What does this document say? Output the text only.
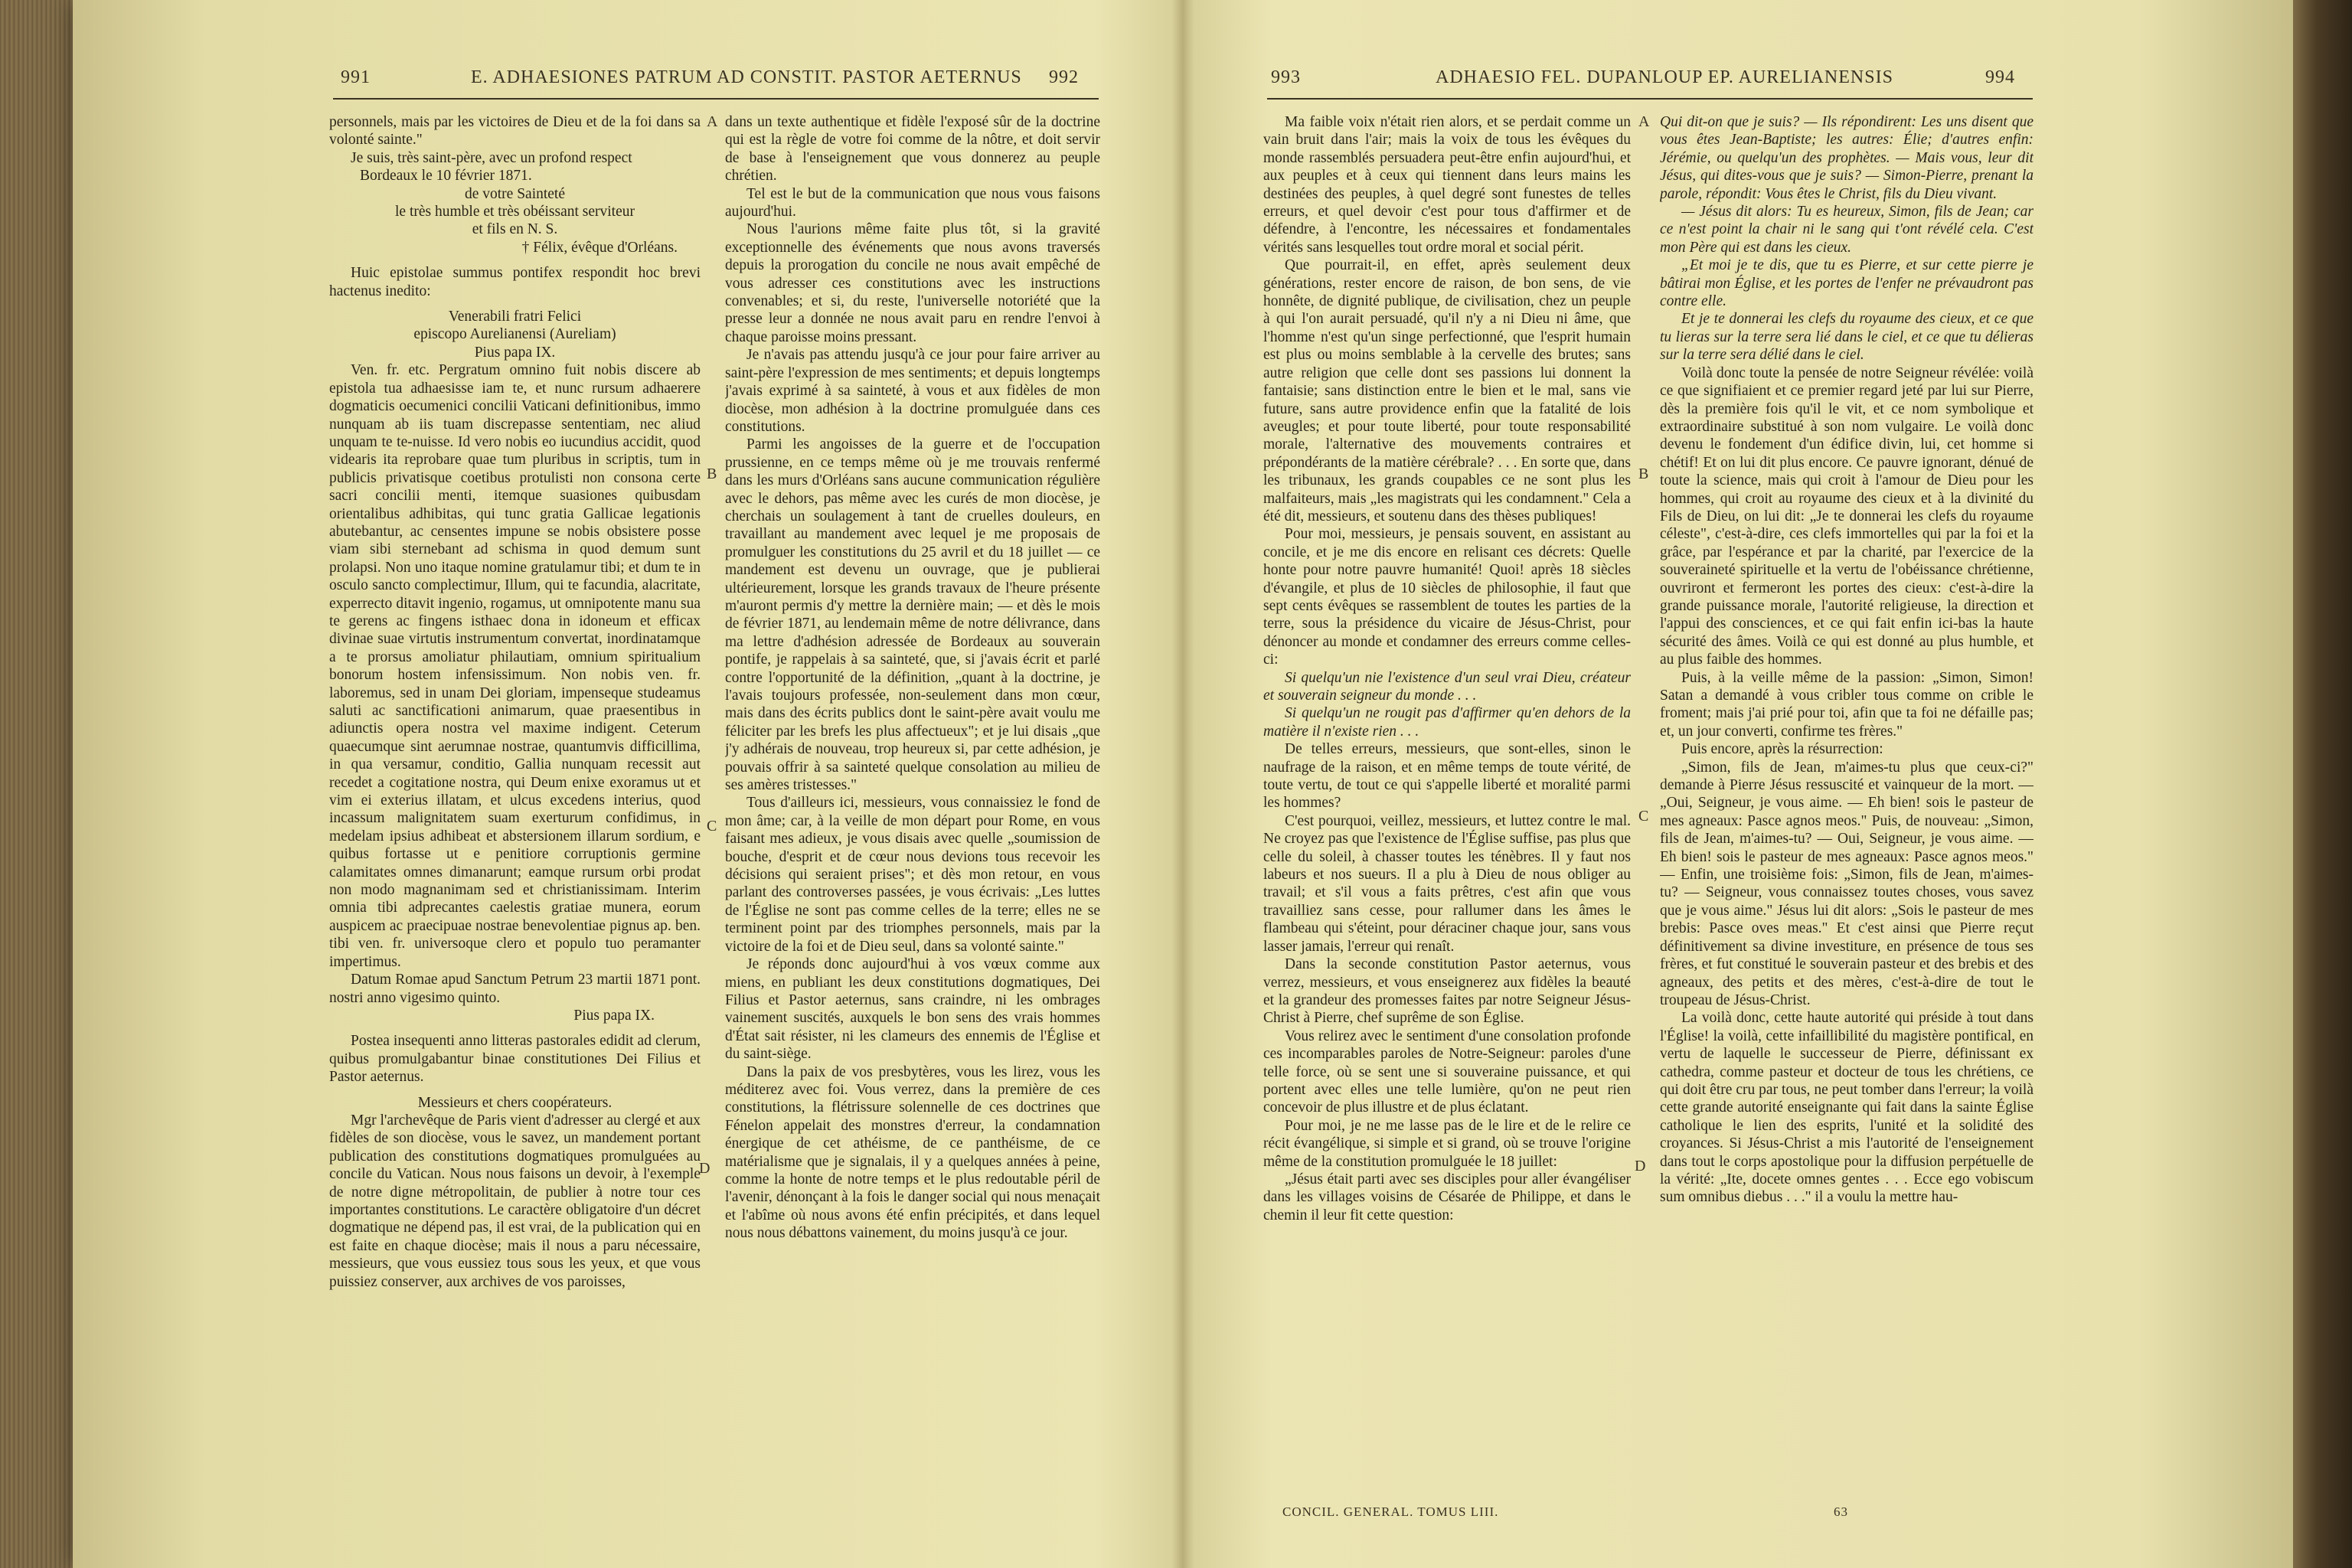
991	E. ADHAESIONES PATRUM AD CONSTIT. PASTOR AETERNUS 992

personnels, mais par les victoires de Dieu et de la foi dans sa volonté sainte."

Je suis, très saint-père, avec un profond respect

Bordeaux le 10 février 1871.

de votre Sainteté

le très humble et très obéissant serviteur

et fils en N. S.

† Félix, évêque d'Orléans.

Huic epistolae summus pontifex respondit hoc brevi hactenus inedito:

Venerabili fratri Felici

episcopo Aurelianensi (Aureliam)

Pius papa IX.

Ven. fr. etc. Pergratum omnino fuit nobis discere ab epistola tua adhaesisse iam te, et nunc rursum adhaerere dogmaticis oecumenici concilii Vaticani definitionibus, immo nunquam ab iis tuam discrepasse sententiam, nec aliud unquam te te-nuisse. Id vero nobis eo iucundius accidit, quod videaris ita reprobare quae tum pluribus in scriptis, tum in publicis privatisque coetibus protulisti non consona certe sacri concilii menti, itemque suasiones quibusdam orientalibus adhibitas, qui tunc gratia Gallicae legationis abutebantur, ac censentes impune se nobis obsistere posse viam sibi sternebant ad schisma in quod demum sunt prolapsi. Non uno itaque nomine gratulamur tibi; et dum te in osculo sancto complectimur, Illum, qui te facundia, alacritate, experrecto ditavit ingenio, rogamus, ut omnipotente manu sua te gerens ac fingens isthaec dona in idoneum et efficax divinae suae virtutis instrumentum convertat, inordinatamque a te prorsus amoliatur philautiam, omnium spiritualium bonorum hostem infensissimum. Non nobis ven. fr. laboremus, sed in unam Dei gloriam, impenseque studeamus saluti ac sanctificationi animarum, quae praesentibus in adiunctis opera nostra vel maxime indigent. Ceterum quaecumque sint aerumnae nostrae, quantumvis difficillima, in qua versamur, conditio, Gallia nunquam recessit aut recedet a cogitatione nostra, qui Deum enixe exoramus ut et vim ei exterius illatam, et ulcus excedens interius, quod incassum malignitatem suam exerturum confidimus, in medelam ipsius adhibeat et abstersionem illarum sordium, e quibus fortasse ut e penitiore corruptionis germine calamitates omnes dimanarunt; eamque rursum orbi prodat non modo magnanimam sed et christianissimam. Interim omnia tibi adprecantes caelestis gratiae munera, eorum auspicem ac praecipuae nostrae benevolentiae pignus ap. ben. tibi ven. fr. universoque clero et populo tuo peramanter impertimus.

Datum Romae apud Sanctum Petrum 23 martii 1871 pont. nostri anno vigesimo quinto.

Pius papa IX.

Postea insequenti anno litteras pastorales edidit ad clerum, quibus promulgabantur binae constitutiones Dei Filius et Pastor aeternus.

Messieurs et chers coopérateurs.

Mgr l'archevêque de Paris vient d'adresser au clergé et aux fidèles de son diocèse, vous le savez, un mandement portant publication des constitutions dogmatiques promulguées au concile du Vatican. Nous nous faisons un devoir, à l'exemple de notre digne métropolitain, de publier à notre tour ces importantes constitutions. Le caractère obligatoire d'un décret dogmatique ne dépend pas, il est vrai, de la publication qui en est faite en chaque diocèse; mais il nous a paru nécessaire, messieurs, que vous eussiez tous sous les yeux, et que vous puissiez conserver, aux archives de vos paroisses,

dans un texte authentique et fidèle l'exposé sûr de la doctrine qui est la règle de votre foi comme de la nôtre, et doit servir de base à l'enseignement que vous donnerez au peuple chrétien.

Tel est le but de la communication que nous vous faisons aujourd'hui.

Nous l'aurions même faite plus tôt, si la gravité exceptionnelle des événements que nous avons traversés depuis la prorogation du concile ne nous avait empêché de vous adresser ces constitutions avec les instructions convenables; et si, du reste, l'universelle notoriété que la presse leur a donnée ne nous avait paru en rendre l'envoi à chaque paroisse moins pressant.

Je n'avais pas attendu jusqu'à ce jour pour faire arriver au saint-père l'expression de mes sentiments; et depuis longtemps j'avais exprimé à sa sainteté, à vous et aux fidèles de mon diocèse, mon adhésion à la doctrine promulguée dans ces constitutions.

Parmi les angoisses de la guerre et de l'occupation prussienne, en ce temps même où je me trouvais renfermé dans les murs d'Orléans sans aucune communication régulière avec le dehors, pas même avec les curés de mon diocèse, je cherchais un soulagement à tant de cruelles douleurs, en travaillant au mandement avec lequel je me proposais de promulguer les constitutions du 25 avril et du 18 juillet — ce mandement est devenu un ouvrage, que je publierai ultérieurement, lorsque les grands travaux de l'heure présente m'auront permis d'y mettre la dernière main; — et dès le mois de février 1871, au lendemain même de notre délivrance, dans ma lettre d'adhésion adressée de Bordeaux au souverain pontife, je rappelais à sa sainteté, que, si j'avais écrit et parlé contre l'opportunité de la définition, „quant à la doctrine, je l'avais toujours professée, non-seulement dans mon cœur, mais dans des écrits publics dont le saint-père avait voulu me féliciter par les brefs les plus affectueux"; et je lui disais „que j'y adhérais de nouveau, trop heureux si, par cette adhésion, je pouvais offrir à sa sainteté quelque consolation au milieu de ses amères tristesses."

Tous d'ailleurs ici, messieurs, vous connaissiez le fond de mon âme; car, à la veille de mon départ pour Rome, en vous faisant mes adieux, je vous disais avec quelle „soumission de bouche, d'esprit et de cœur nous devions tous recevoir les décisions qui seraient prises"; et dès mon retour, en vous parlant des controverses passées, je vous écrivais: „Les luttes de l'Église ne sont pas comme celles de la terre; elles ne se terminent point par des triomphes personnels, mais par la victoire de la foi et de Dieu seul, dans sa volonté sainte."

Je réponds donc aujourd'hui à vos vœux comme aux miens, en publiant les deux constitutions dogmatiques, Dei Filius et Pastor aeternus, sans craindre, ni les ombrages vainement suscités, auxquels le bon sens des vrais hommes d'État sait résister, ni les clameurs des ennemis de l'Église et du saint-siège.

Dans la paix de vos presbytères, vous les lirez, vous les méditerez avec foi. Vous verrez, dans la première de ces constitutions, la flétrissure solennelle de ces doctrines que Fénelon appelait des monstres d'erreur, la condamnation énergique de cet athéisme, de ce panthéisme, de ce matérialisme que je signalais, il y a quelques années à peine, comme la honte de notre temps et le plus redoutable péril de l'avenir, dénonçant à la fois le danger social qui nous menaçait et l'abîme où nous avons été enfin précipités, et dans lequel nous nous débattons vainement, du moins jusqu'à ce jour.

A
B
C
D
993	ADHAESIO FEL. DUPANLOUP EP. AURELIANENSIS	994

Ma faible voix n'était rien alors, et se perdait comme un vain bruit dans l'air; mais la voix de tous les évêques du monde rassemblés persuadera peut-être enfin aujourd'hui, et aux peuples et à ceux qui tiennent dans leurs mains les destinées des peuples, à quel degré sont funestes de telles erreurs, et quel devoir c'est pour tous d'affirmer et de défendre, à l'encontre, les nécessaires et fondamentales vérités sans lesquelles tout ordre moral et social périt.

Que pourrait-il, en effet, après seulement deux générations, rester encore de raison, de bon sens, de vie honnête, de dignité publique, de civilisation, chez un peuple à qui l'on aurait persuadé, qu'il n'y a ni Dieu ni âme, que l'homme n'est qu'un singe perfectionné, que l'esprit humain est plus ou moins semblable à la cervelle des brutes; sans autre religion que celle dont ses passions lui donnent la fantaisie; sans distinction entre le bien et le mal, sans vie future, sans autre providence enfin que la fatalité de lois aveugles; et pour toute liberté, pour toute responsabilité morale, l'alternative des mouvements contraires et prépondérants de la matière cérébrale? . . . En sorte que, dans les tribunaux, les grands coupables ce ne sont plus les malfaiteurs, mais „les magistrats qui les condamnent." Cela a été dit, messieurs, et soutenu dans des thèses publiques!

Pour moi, messieurs, je pensais souvent, en assistant au concile, et je me dis encore en relisant ces décrets: Quelle honte pour notre pauvre humanité! Quoi! après 18 siècles d'évangile, et plus de 10 siècles de philosophie, il faut que sept cents évêques se rassemblent de toutes les parties de la terre, sous la présidence du vicaire de Jésus-Christ, pour dénoncer au monde et condamner des erreurs comme celles-ci:

Si quelqu'un nie l'existence d'un seul vrai Dieu, créateur et souverain seigneur du monde . . .

Si quelqu'un ne rougit pas d'affirmer qu'en dehors de la matière il n'existe rien . . .

De telles erreurs, messieurs, que sont-elles, sinon le naufrage de la raison, et en même temps de toute vérité, de toute vertu, de tout ce qui s'appelle liberté et moralité parmi les hommes?

C'est pourquoi, veillez, messieurs, et luttez contre le mal. Ne croyez pas que l'existence de l'Église suffise, pas plus que celle du soleil, à chasser toutes les ténèbres. Il y faut nos labeurs et nos sueurs. Il a plu à Dieu de nous obliger au travail; et s'il vous a faits prêtres, c'est afin que vous travailliez sans cesse, pour rallumer dans les âmes le flambeau qui s'éteint, pour déraciner chaque jour, sans vous lasser jamais, l'erreur qui renaît.

Dans la seconde constitution Pastor aeternus, vous verrez, messieurs, et vous enseignerez aux fidèles la beauté et la grandeur des promesses faites par notre Seigneur Jésus-Christ à Pierre, chef suprême de son Église.

Vous relirez avec le sentiment d'une consolation profonde ces incomparables paroles de Notre-Seigneur: paroles d'une telle force, où se sent une si souveraine puissance, et qui portent avec elles une telle lumière, qu'on ne peut rien concevoir de plus illustre et de plus éclatant.

Pour moi, je ne me lasse pas de le lire et de le relire ce récit évangélique, si simple et si grand, où se trouve l'origine même de la constitution promulguée le 18 juillet:

„Jésus était parti avec ses disciples pour aller évangéliser dans les villages voisins de Césarée de Philippe, et dans le chemin il leur fit cette question:

Qui dit-on que je suis? — Ils répondirent: Les uns disent que vous êtes Jean-Baptiste; les autres: Élie; d'autres enfin: Jérémie, ou quelqu'un des prophètes. — Mais vous, leur dit Jésus, qui dites-vous que je suis? — Simon-Pierre, prenant la parole, répondit: Vous êtes le Christ, fils du Dieu vivant.

— Jésus dit alors: Tu es heureux, Simon, fils de Jean; car ce n'est point la chair ni le sang qui t'ont révélé cela. C'est mon Père qui est dans les cieux.

„Et moi je te dis, que tu es Pierre, et sur cette pierre je bâtirai mon Église, et les portes de l'enfer ne prévaudront pas contre elle.

Et je te donnerai les clefs du royaume des cieux, et ce que tu lieras sur la terre sera lié dans le ciel, et ce que tu délieras sur la terre sera délié dans le ciel.

Voilà donc toute la pensée de notre Seigneur révélée: voilà ce que signifiaient et ce premier regard jeté par lui sur Pierre, dès la première fois qu'il le vit, et ce nom symbolique et extraordinaire substitué à son nom vulgaire. Le voilà donc devenu le fondement d'un édifice divin, lui, cet homme si chétif! Et on lui dit plus encore. Ce pauvre ignorant, dénué de toute la science, mais qui croit à l'amour de Dieu pour les hommes, qui croit au royaume des cieux et à la divinité du Fils de Dieu, on lui dit: „Je te donnerai les clefs du royaume céleste", c'est-à-dire, ces clefs immortelles qui par la foi et la grâce, par l'espérance et par la charité, par l'exercice de la souveraineté spirituelle et la vertu de l'obéissance chrétienne, ouvriront et fermeront les portes des cieux: c'est-à-dire la grande puissance morale, l'autorité religieuse, la direction et l'appui des consciences, et ce qui fait enfin ici-bas la haute sécurité des âmes. Voilà ce qui est donné au plus humble, et au plus faible des hommes.

Puis, à la veille même de la passion: „Simon, Simon! Satan a demandé à vous cribler tous comme on crible le froment; mais j'ai prié pour toi, afin que ta foi ne défaille pas; et, un jour converti, confirme tes frères."

Puis encore, après la résurrection:

„Simon, fils de Jean, m'aimes-tu plus que ceux-ci?" demande à Pierre Jésus ressuscité et vainqueur de la mort. — „Oui, Seigneur, je vous aime. — Eh bien! sois le pasteur de mes agneaux: Pasce agnos meos." Puis, de nouveau: „Simon, fils de Jean, m'aimes-tu? — Oui, Seigneur, je vous aime. — Eh bien! sois le pasteur de mes agneaux: Pasce agnos meos." — Enfin, une troisième fois: „Simon, fils de Jean, m'aimes-tu? — Seigneur, vous connaissez toutes choses, vous savez que je vous aime." Jésus lui dit alors: „Sois le pasteur de mes brebis: Pasce oves meas." Et c'est ainsi que Pierre reçut définitivement sa divine investiture, en présence de tous ses frères, et fut constitué le souverain pasteur et des brebis et des agneaux, des petits et des mères, c'est-à-dire de tout le troupeau de Jésus-Christ.

La voilà donc, cette haute autorité qui préside à tout dans l'Église! la voilà, cette infaillibilité du magistère pontifical, en vertu de laquelle le successeur de Pierre, définissant ex cathedra, comme pasteur et docteur de tous les chrétiens, ce qui doit être cru par tous, ne peut tomber dans l'erreur; la voilà cette grande autorité enseignante qui fait dans la sainte Église catholique le lien des esprits, l'unité et la solidité des croyances. Si Jésus-Christ a mis l'autorité de l'enseignement dans tout le corps apostolique pour la diffusion perpétuelle de la vérité: „Ite, docete omnes gentes . . . Ecce ego vobiscum sum omnibus diebus . . ." il a voulu la mettre hau-

A
B
C
D
CONCIL. GENERAL. TOMUS LIII.	63
